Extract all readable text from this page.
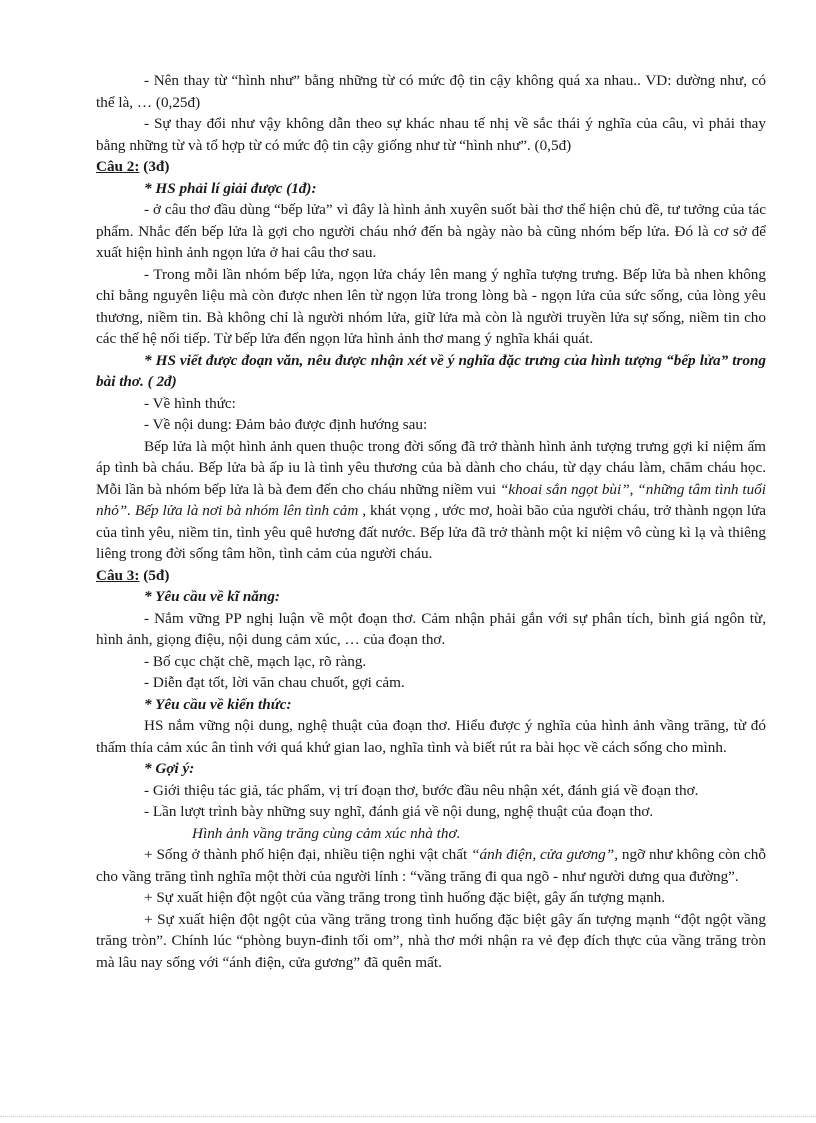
- Nên thay từ “hình như” bằng những từ có mức độ tin cậy không quá xa nhau.. VD: dường như, có thể là, … (0,25đ)

- Sự thay đổi như vậy không dẫn theo sự khác nhau tế nhị về sắc thái ý nghĩa của câu, vì phải thay bằng những từ và tổ hợp từ có mức độ tin cậy giống như từ “hình như”. (0,5đ)

Câu 2: (3đ)

* HS phải lí giải được (1đ):

- ở câu thơ đầu dùng “bếp lửa” vì đây là hình ảnh xuyên suốt bài thơ thể hiện chủ đề, tư tưởng của tác phẩm. Nhắc đến bếp lửa là gợi cho người cháu nhớ đến bà ngày nào bà cũng nhóm bếp lửa. Đó là cơ sở để xuất hiện hình ảnh ngọn lửa ở hai câu thơ sau.

- Trong mỗi lần nhóm bếp lửa, ngọn lửa cháy lên mang ý nghĩa tượng trưng. Bếp lửa bà nhen không chỉ bằng nguyên liệu mà còn được nhen lên từ ngọn lửa trong lòng bà - ngọn lửa của sức sống, của lòng yêu thương, niềm tin. Bà không chỉ là người nhóm lửa, giữ lửa mà còn là người truyền lửa sự sống, niềm tin cho các thế hệ nối tiếp. Từ bếp lửa đến ngọn lửa hình ảnh thơ mang ý nghĩa khái quát.

* HS viết được đoạn văn, nêu được nhận xét về ý nghĩa đặc trưng của hình tượng “bếp lửa” trong bài thơ. ( 2đ)

- Về hình thức:

- Về nội dung: Đảm bảo được định hướng sau:

Bếp lửa là một hình ảnh quen thuộc trong đời sống đã trở thành hình ảnh tượng trưng gợi kỉ niệm ấm áp tình bà cháu. Bếp lửa bà ấp iu là tình yêu thương của bà dành cho cháu, từ dạy cháu làm, chăm cháu học. Mỗi lần bà nhóm bếp lửa là bà đem đến cho cháu những niềm vui “khoai sắn ngọt bùi”, “những tâm tình tuổi nhỏ”. Bếp lửa là nơi bà nhóm lên tình cảm , khát vọng , ước mơ, hoài bão của người cháu, trở thành ngọn lửa của tình yêu, niềm tin, tình yêu quê hương đất nước. Bếp lửa đã trở thành một kỉ niệm vô cùng kì lạ và thiêng liêng trong đời sống tâm hồn, tình cảm của người cháu.

Câu 3: (5đ)

* Yêu cầu về kĩ năng:

- Nắm vững PP nghị luận về một đoạn thơ. Cảm nhận phải gắn với sự phân tích, bình giá ngôn từ, hình ảnh, giọng điệu, nội dung cảm xúc, … của đoạn thơ.

- Bố cục chặt chẽ, mạch lạc, rõ ràng.

- Diễn đạt tốt, lời văn chau chuốt, gợi cảm.

* Yêu cầu về kiến thức:

HS nắm vững nội dung, nghệ thuật của đoạn thơ. Hiểu được ý nghĩa của hình ảnh vầng trăng, từ đó thấm thía cảm xúc ân tình với quá khứ gian lao, nghĩa tình và biết rút ra bài học về cách sống cho mình.

* Gợi ý:

- Giới thiệu tác giả, tác phẩm, vị trí đoạn thơ, bước đầu nêu nhận xét, đánh giá về đoạn thơ.

- Lần lượt trình bày những suy nghĩ, đánh giá về nội dung, nghệ thuật của đoạn thơ.

Hình ảnh vầng trăng cùng cảm xúc nhà thơ.

+ Sống ở thành phố hiện đại, nhiều tiện nghi vật chất “ánh điện, cửa gương”, ngỡ như không còn chỗ cho vầng trăng tình nghĩa một thời của người lính : “vầng trăng đi qua ngõ - như người dưng qua đường”.

+ Sự xuất hiện đột ngột của vầng trăng trong tình huống đặc biệt, gây ấn tượng mạnh.

+ Sự xuất hiện đột ngột của vầng trăng trong tình huống đặc biệt gây ấn tượng mạnh “đột ngột vầng trăng tròn”. Chính lúc “phòng buyn-đinh tối om”, nhà thơ mới nhận ra vẻ đẹp đích thực của vầng trăng tròn mà lâu nay sống với “ánh điện, cửa gương” đã quên mất.
